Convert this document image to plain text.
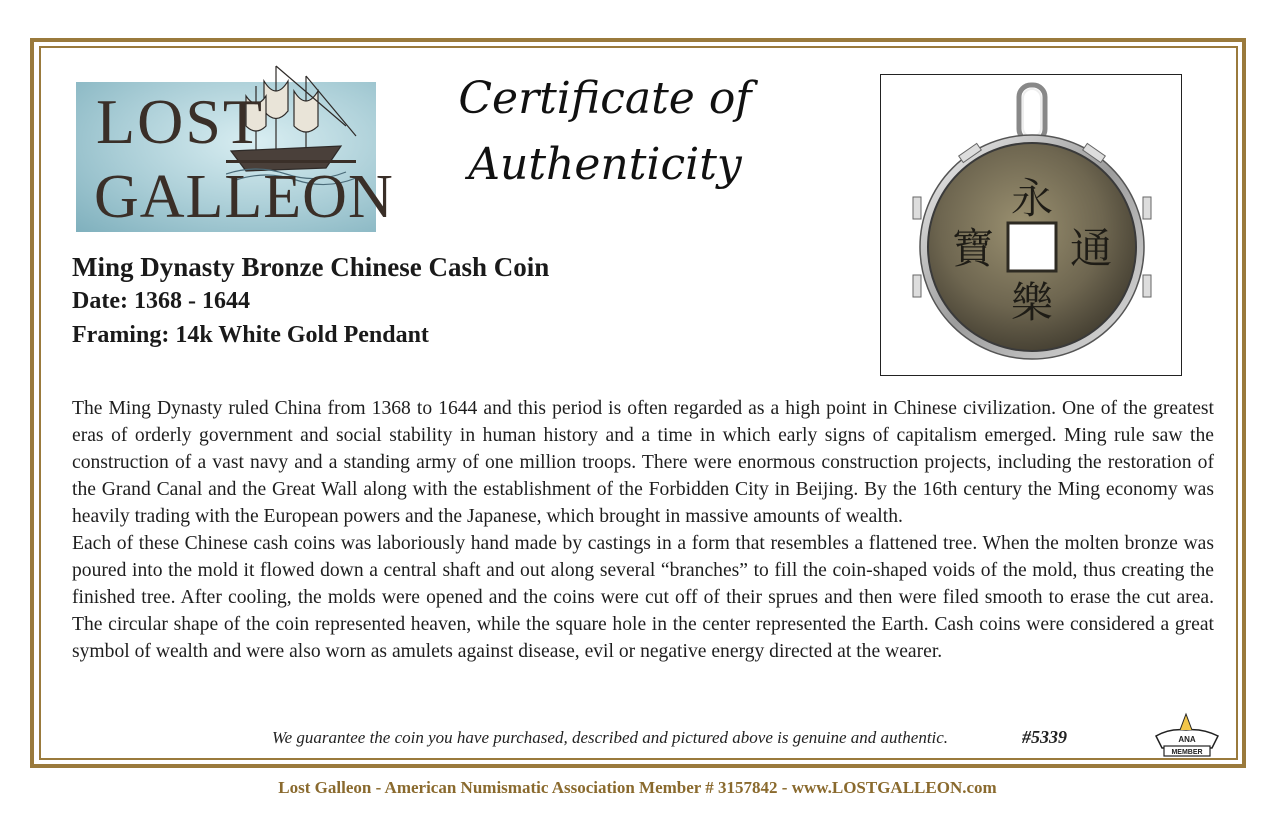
LOST
GALLEON
Certificate of
Authenticity
永
樂
通
寶
Ming Dynasty Bronze Chinese Cash Coin
Date: 1368 - 1644
Framing: 14k White Gold Pendant

The Ming Dynasty ruled China from 1368 to 1644 and this period is often regarded as a high point in Chinese civilization. One of the greatest eras of orderly government and social stability in human history and a time in which early signs of capitalism emerged. Ming rule saw the construction of a vast navy and a standing army of one million troops. There were enormous construction projects, including the restoration of the Grand Canal and the Great Wall along with the establishment of the Forbidden City in Beijing. By the 16th century the Ming economy was heavily trading with the European powers and the Japanese, which brought in massive amounts of wealth.

Each of these Chinese cash coins was laboriously hand made by castings in a form that resembles a flattened tree. When the molten bronze was poured into the mold it flowed down a central shaft and out along several “branches” to fill the coin-shaped voids of the mold, thus creating the finished tree. After cooling, the molds were opened and the coins were cut off of their sprues and then were filed smooth to erase the cut area. The circular shape of the coin represented heaven, while the square hole in the center represented the Earth. Cash coins were considered a great symbol of wealth and were also worn as amulets against disease, evil or negative energy directed at the wearer.

We guarantee the coin you have purchased, described and pictured above is genuine and authentic.	#5339	ANA
MEMBER
Lost Galleon - American Numismatic Association Member # 3157842 - www.LOSTGALLEON.com
